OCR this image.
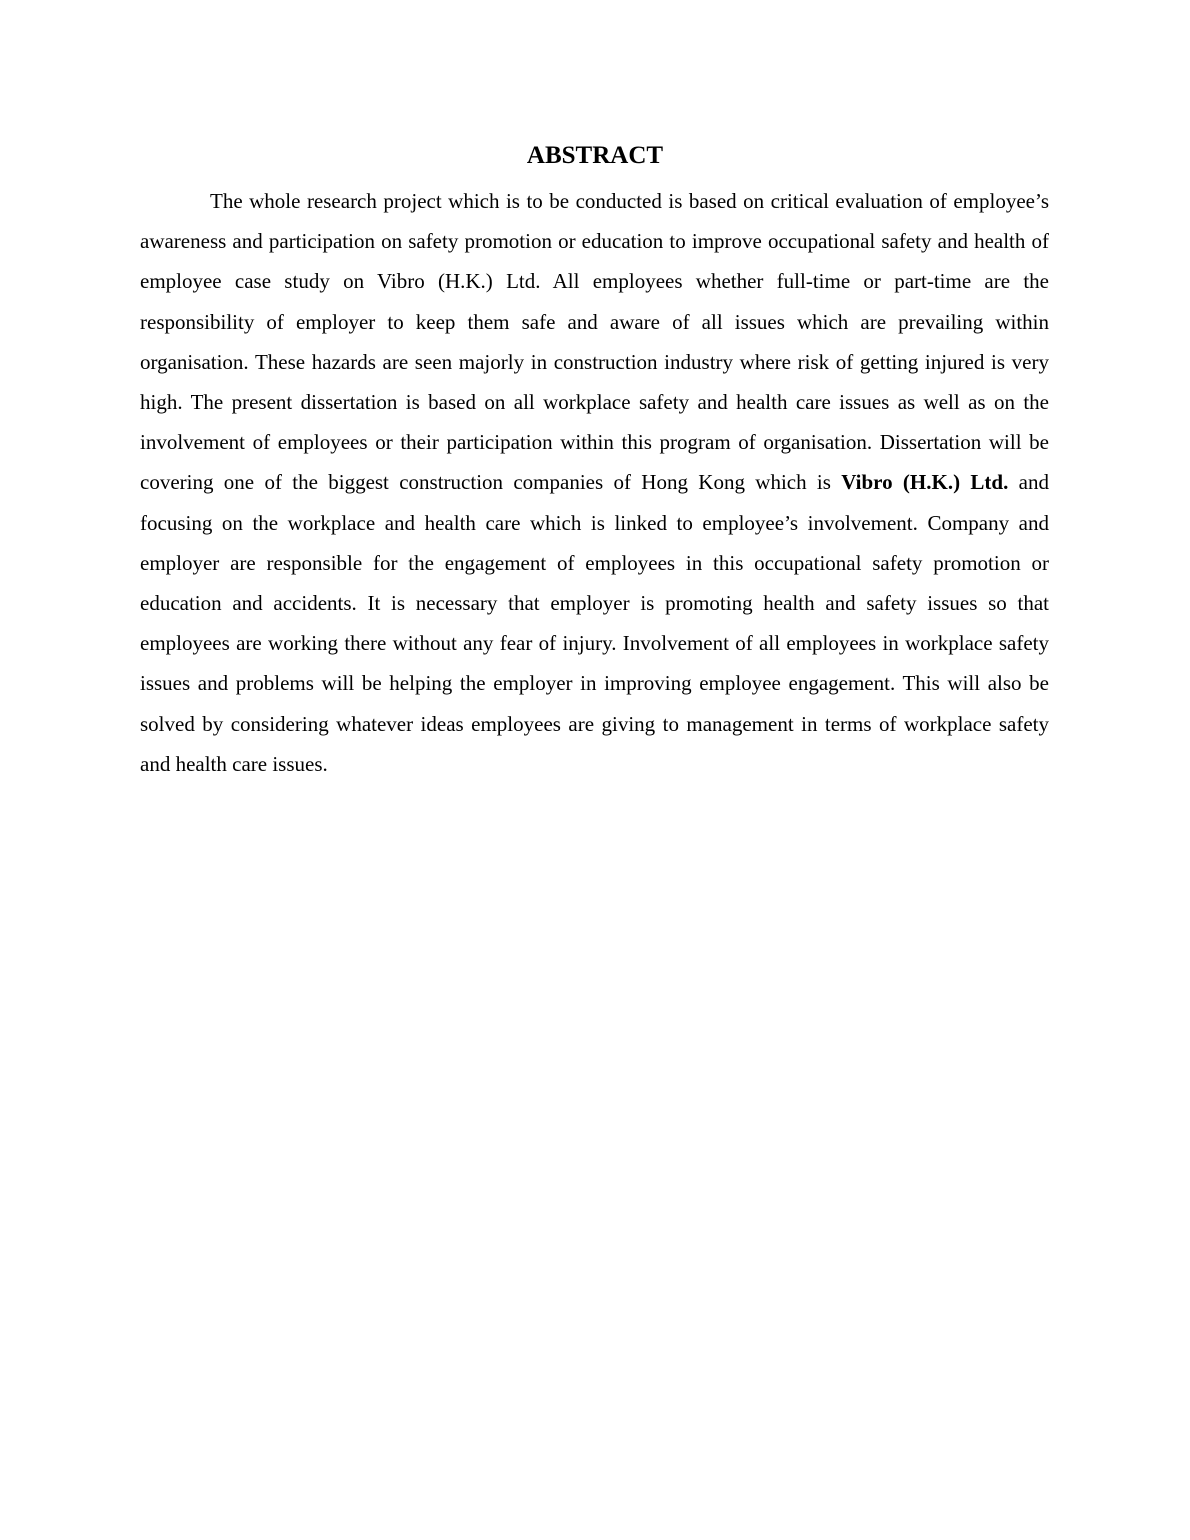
ABSTRACT

The whole research project which is to be conducted is based on critical evaluation of employee’s awareness and participation on safety promotion or education to improve occupational safety and health of employee case study on Vibro (H.K.) Ltd. All employees whether full-time or part-time are the responsibility of employer to keep them safe and aware of all issues which are prevailing within organisation. These hazards are seen majorly in construction industry where risk of getting injured is very high. The present dissertation is based on all workplace safety and health care issues as well as on the involvement of employees or their participation within this program of organisation. Dissertation will be covering one of the biggest construction companies of Hong Kong which is Vibro (H.K.) Ltd. and focusing on the workplace and health care which is linked to employee’s involvement. Company and employer are responsible for the engagement of employees in this occupational safety promotion or education and accidents. It is necessary that employer is promoting health and safety issues so that employees are working there without any fear of injury. Involvement of all employees in workplace safety issues and problems will be helping the employer in improving employee engagement. This will also be solved by considering whatever ideas employees are giving to management in terms of workplace safety and health care issues.
